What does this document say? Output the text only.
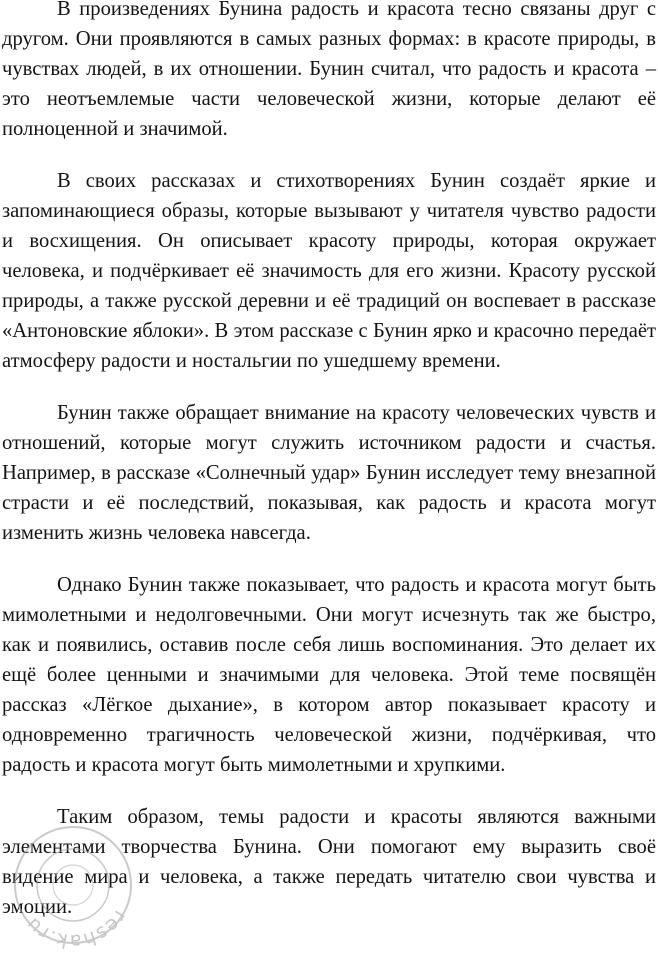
В произведениях Бунина радость и красота тесно связаны друг с другом. Они проявляются в самых разных формах: в красоте природы, в чувствах людей, в их отношении. Бунин считал, что радость и красота – это неотъемлемые части человеческой жизни, которые делают её полноценной и значимой.

В своих рассказах и стихотворениях Бунин создаёт яркие и запоминающиеся образы, которые вызывают у читателя чувство радости и восхищения. Он описывает красоту природы, которая окружает человека, и подчёркивает её значимость для его жизни. Красоту русской природы, а также русской деревни и её традиций он воспевает в рассказе «Антоновские яблоки». В этом рассказе с Бунин ярко и красочно передаёт атмосферу радости и ностальгии по ушедшему времени.

Бунин также обращает внимание на красоту человеческих чувств и отношений, которые могут служить источником радости и счастья. Например, в рассказе «Солнечный удар» Бунин исследует тему внезапной страсти и её последствий, показывая, как радость и красота могут изменить жизнь человека навсегда.

Однако Бунин также показывает, что радость и красота могут быть мимолетными и недолговечными. Они могут исчезнуть так же быстро, как и появились, оставив после себя лишь воспоминания. Это делает их ещё более ценными и значимыми для человека. Этой теме посвящён рассказ «Лёгкое дыхание», в котором автор показывает красоту и одновременно трагичность человеческой жизни, подчёркивая, что радость и красота могут быть мимолетными и хрупкими.

Таким образом, темы радости и красоты являются важными элементами творчества Бунина. Они помогают ему выразить своё видение мира и человека, а также передать читателю свои чувства и эмоции.	reshak.ru
